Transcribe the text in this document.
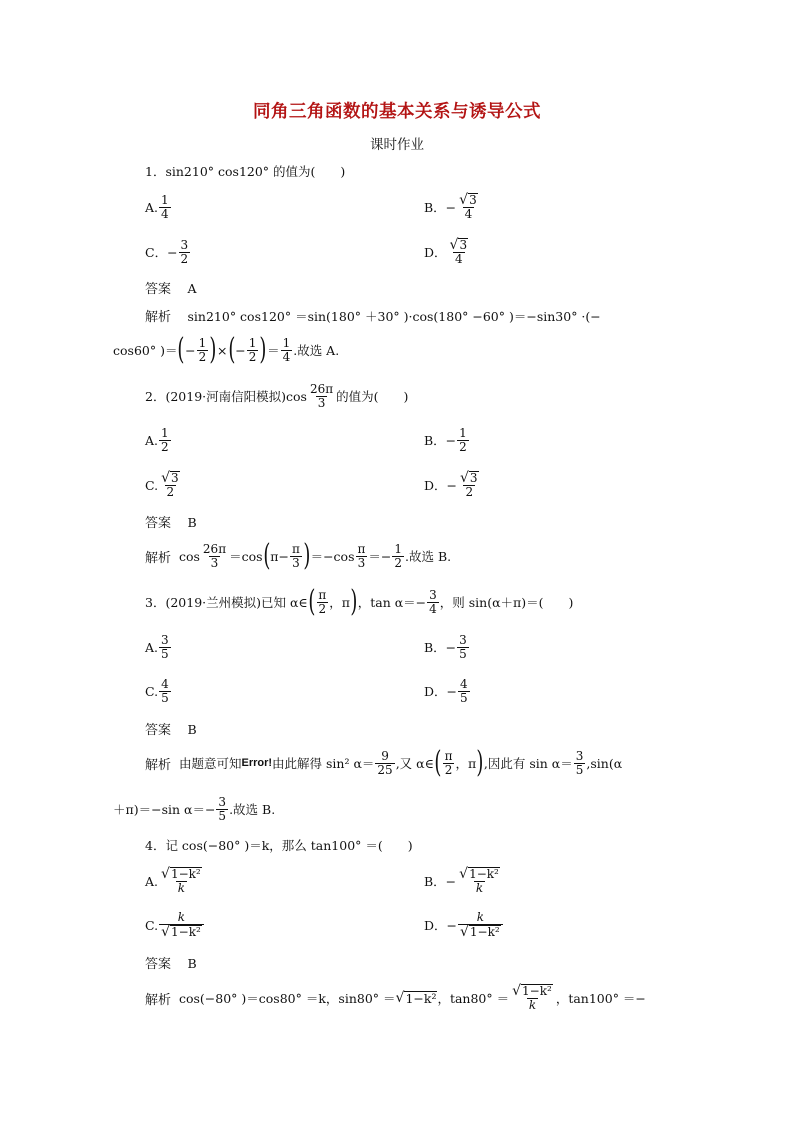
同角三角函数的基本关系与诱导公式
课时作业
1．sin210° cos120° 的值为(　　)
A. $\frac{1}{4}$	B．− $\frac{√ 3}{4}$
C．− $\frac{3}{2}$	D． $\frac{√ 3}{4}$
答案　 A
解析　 sin210° cos120° ＝sin(180° ＋30° )·cos(180° −60° )＝−sin30° ·(−
cos60° )＝ ( − $\frac{1}{2}$ ) × ( − $\frac{1}{2}$ ) ＝ $\frac{1}{4}$ .故选 A.
2．(2019·河南信阳模拟)$\cos \frac{26\pi}{3}$ 的值为(　　)
A. $\frac{1}{2}$	B．− $\frac{1}{2}$
C. $\frac{√ 3}{2}$	D．− $\frac{√ 3}{2}$
答案　 B
解析
$\cos \frac{26\pi}{3} =\cos$ ( $\pi- \frac{\pi}{3}$ ) $=-\cos \frac{\pi}{3} =- \frac{1}{2}$ .故选 B.
3．(2019·兰州模拟)已知 α∈ ( $\frac{\pi}{2}$ ， π ) ，$\tan \alpha=- \frac{3}{4}$ ，则 sin(α＋π)＝(　　)
A. $\frac{3}{5}$	B．− $\frac{3}{5}$
C. $\frac{4}{5}$	D．− $\frac{4}{5}$
答案　 B
解析
由题意可知 Error! 由此解得 sin² $\alpha= \frac{9}{25}$ ,又 α∈ ( $\frac{\pi}{2}$ ， π ) ,因此有 $\sin \alpha= \frac{3}{5} ,\sin(\alpha$
＋π)＝−sin $\alpha=- \frac{3}{5}$ .故选 B.
4．记 cos(−80° )＝k，那么 tan100° ＝(　　)
A. $\frac{\text{√ 1−k²}}{k}$	B．− $\frac{\text{√ 1−k²}}{k}$
C. $\frac{k}{\text{√ 1−k²}}$	D．− $\frac{k}{\text{√ 1−k²}}$
答案　 B
解析
cos(−80° )＝cos80° ＝k，sin80° ＝ √ 1−k² ，$\tan 80^\circ = \frac{\text{√ 1−k²}}{k}$ ，tan100° ＝−
